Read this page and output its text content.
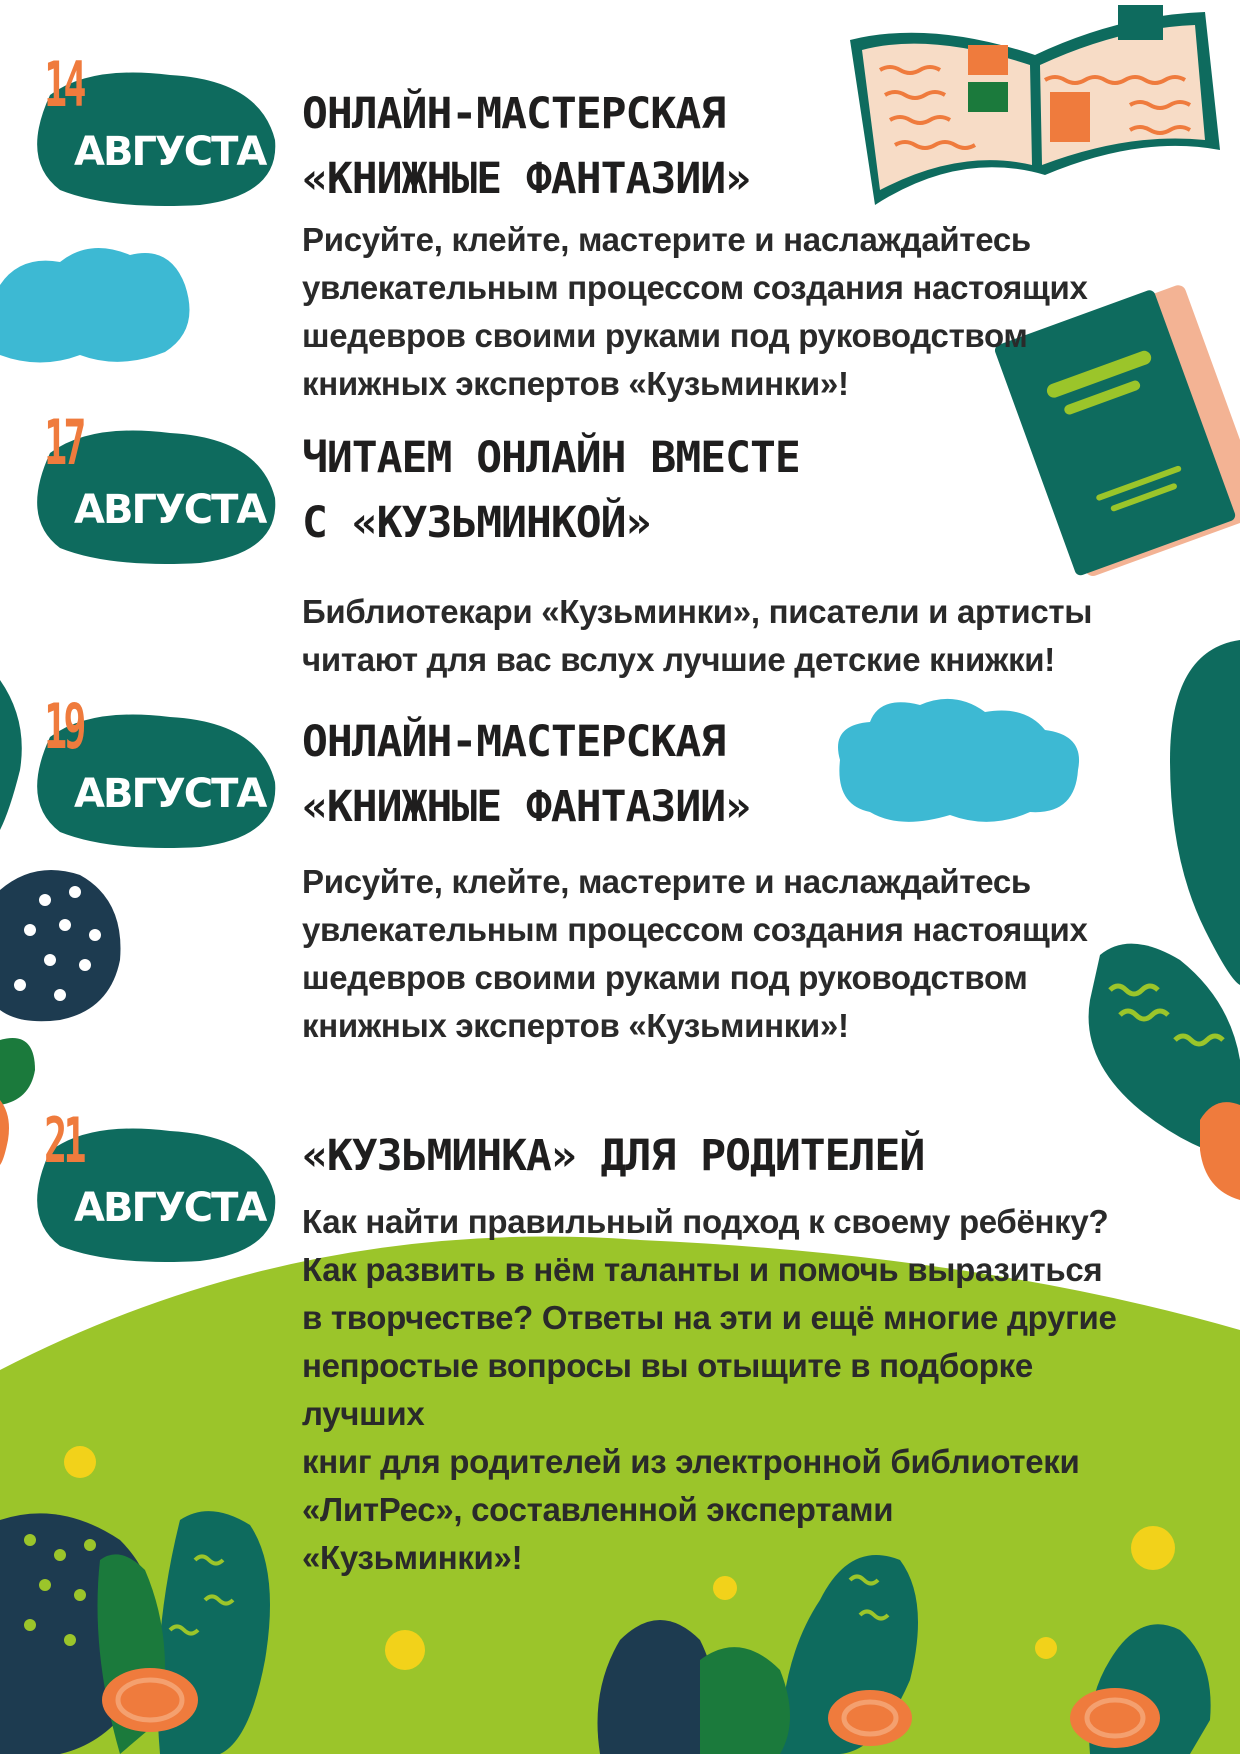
14
АВГУСТА
ОНЛАЙН-МАСТЕРСКАЯ
«КНИЖНЫЕ ФАНТАЗИИ»

Рисуйте, клейте, мастерите и наслаждайтесь
увлекательным процессом создания настоящих
шедевров своими руками под руководством
книжных экспертов «Кузьминки»!

17
АВГУСТА
ЧИТАЕМ ОНЛАЙН ВМЕСТЕ
С «КУЗЬМИНКОЙ»

Библиотекари «Кузьминки», писатели и артисты
читают для вас вслух лучшие детские книжки!

19
АВГУСТА
ОНЛАЙН-МАСТЕРСКАЯ
«КНИЖНЫЕ ФАНТАЗИИ»

Рисуйте, клейте, мастерите и наслаждайтесь
увлекательным процессом создания настоящих
шедевров своими руками под руководством
книжных экспертов «Кузьминки»!

21
АВГУСТА
«КУЗЬМИНКА» ДЛЯ РОДИТЕЛЕЙ

Как найти правильный подход к своему ребёнку?
Как развить в нём таланты и помочь выразиться
в творчестве? Ответы на эти и ещё многие другие
непростые вопросы вы отыщите в подборке лучших
книг для родителей из электронной библиотеки
«ЛитРес», составленной экспертами «Кузьминки»!
